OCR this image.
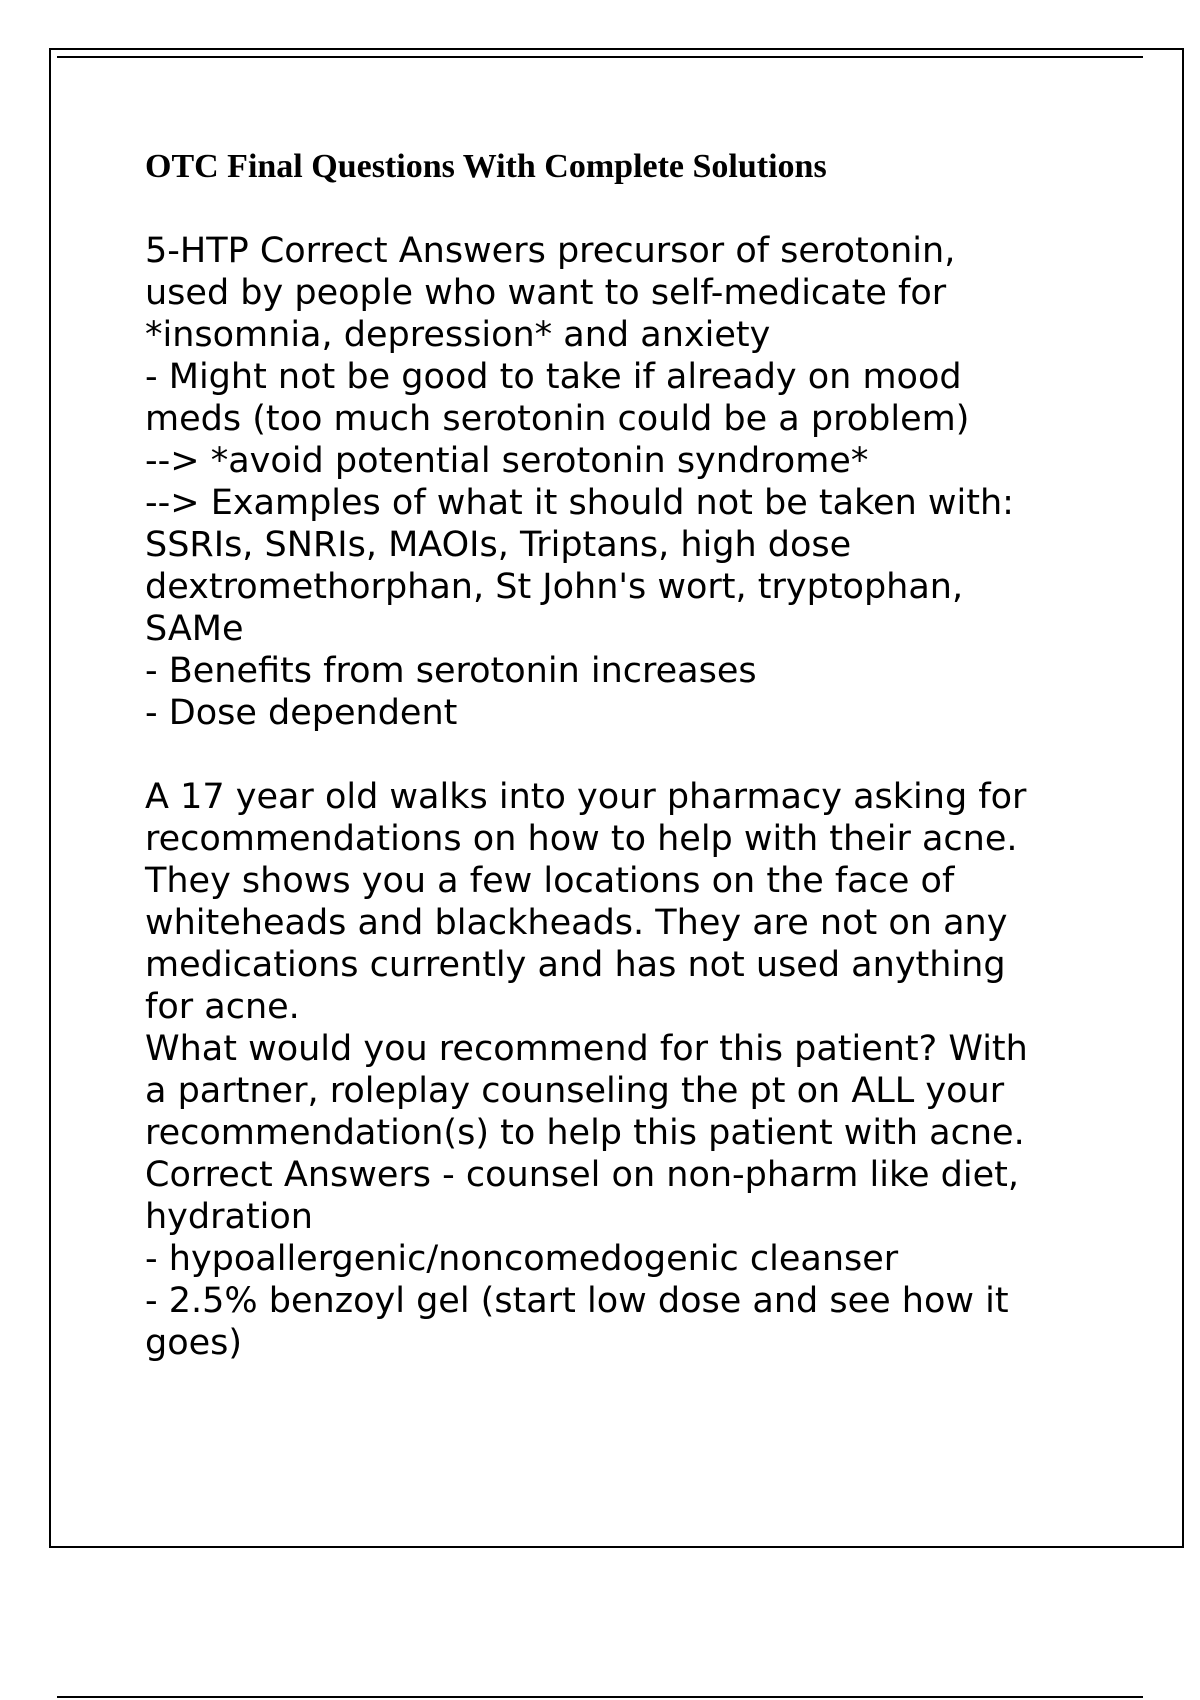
OTC Final Questions With Complete Solutions
5-HTP Correct Answers precursor of serotonin,
used by people who want to self-medicate for
*insomnia, depression* and anxiety
- Might not be good to take if already on mood
meds (too much serotonin could be a problem)
--> *avoid potential serotonin syndrome*
--> Examples of what it should not be taken with:
SSRIs, SNRIs, MAOIs, Triptans, high dose
dextromethorphan, St John's wort, tryptophan,
SAMe
- Benefits from serotonin increases
- Dose dependent
A 17 year old walks into your pharmacy asking for
recommendations on how to help with their acne.
They shows you a few locations on the face of
whiteheads and blackheads. They are not on any
medications currently and has not used anything
for acne.
What would you recommend for this patient? With
a partner, roleplay counseling the pt on ALL your
recommendation(s) to help this patient with acne.
Correct Answers - counsel on non-pharm like diet,
hydration
- hypoallergenic/noncomedogenic cleanser
- 2.5% benzoyl gel (start low dose and see how it
goes)
